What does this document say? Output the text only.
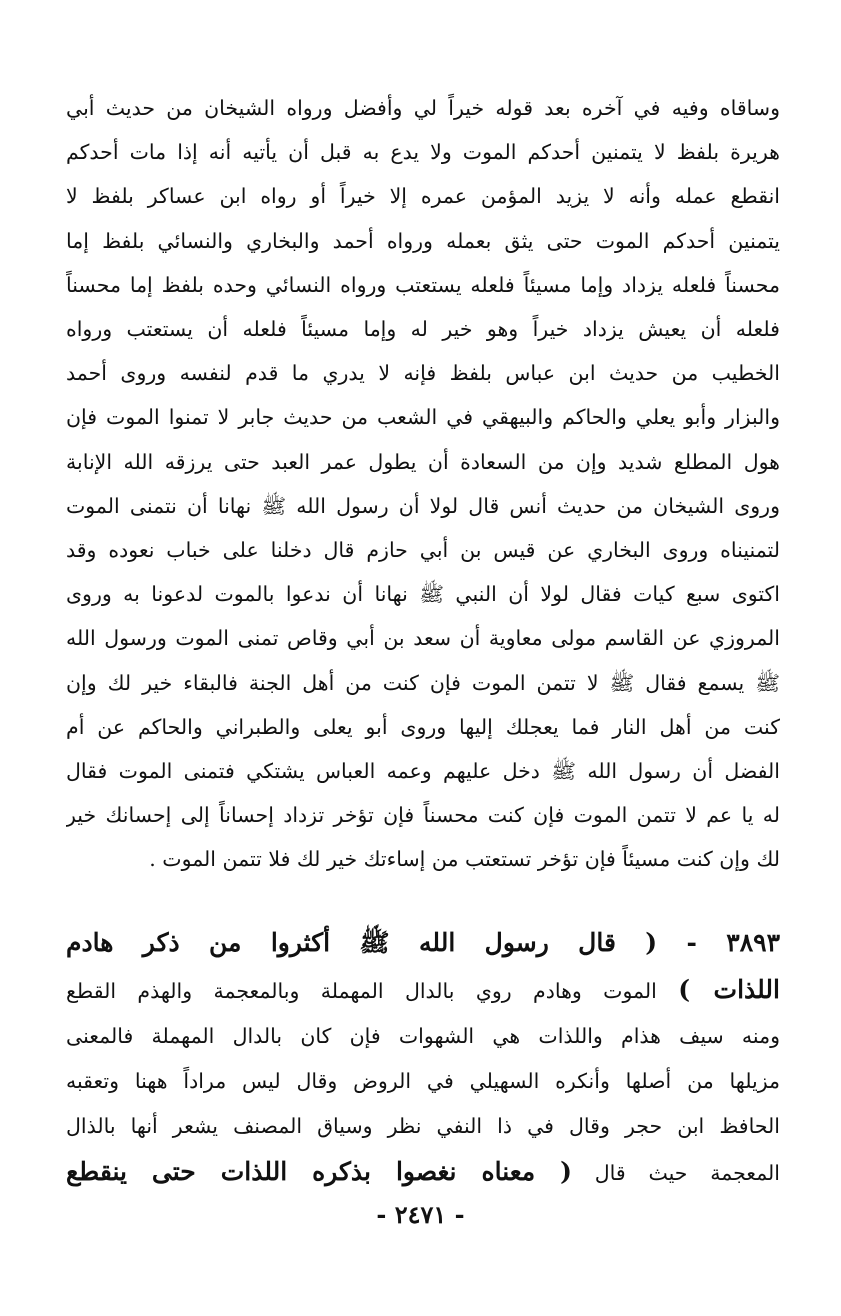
وساقاه وفيه في آخره بعد قوله خيراً لي وأفضل ورواه الشيخان من حديث أبي
هريرة بلفظ لا يتمنين أحدكم الموت ولا يدع به قبل أن يأتيه أنه إذا مات أحدكم
انقطع عمله وأنه لا يزيد المؤمن عمره إلا خيراً أو رواه ابن عساكر بلفظ لا
يتمنين أحدكم الموت حتى يثق بعمله ورواه أحمد والبخاري والنسائي بلفظ إما
محسناً فلعله يزداد وإما مسيئاً فلعله يستعتب ورواه النسائي وحده بلفظ إما محسناً
فلعله أن يعيش يزداد خيراً وهو خير له وإما مسيئاً فلعله أن يستعتب ورواه
الخطيب من حديث ابن عباس بلفظ فإنه لا يدري ما قدم لنفسه وروى أحمد
والبزار وأبو يعلي والحاكم والبيهقي في الشعب من حديث جابر لا تمنوا الموت فإن
هول المطلع شديد وإن من السعادة أن يطول عمر العبد حتى يرزقه الله الإنابة
وروى الشيخان من حديث أنس قال لولا أن رسول الله ﷺ نهانا أن نتمنى الموت
لتمنيناه وروى البخاري عن قيس بن أبي حازم قال دخلنا على خباب نعوده وقد
اكتوى سبع كيات فقال لولا أن النبي ﷺ نهانا أن ندعوا بالموت لدعونا به وروى
المروزي عن القاسم مولى معاوية أن سعد بن أبي وقاص تمنى الموت ورسول الله
ﷺ يسمع فقال ﷺ لا تتمن الموت فإن كنت من أهل الجنة فالبقاء خير لك وإن
كنت من أهل النار فما يعجلك إليها وروى أبو يعلى والطبراني والحاكم عن أم
الفضل أن رسول الله ﷺ دخل عليهم وعمه العباس يشتكي فتمنى الموت فقال
له يا عم لا تتمن الموت فإن كنت محسناً فإن تؤخر تزداد إحساناً إلى إحسانك خير
لك وإن كنت مسيئاً فإن تؤخر تستعتب من إساءتك خير لك فلا تتمن الموت .
٣٨٩٣ - ( قال رسول الله ﷺ أكثروا من ذكر هادم
اللذات ) الموت وهادم روي بالدال المهملة وبالمعجمة والهذم القطع
ومنه سيف هذام واللذات هي الشهوات فإن كان بالدال المهملة فالمعنى
مزيلها من أصلها وأنكره السهيلي في الروض وقال ليس مراداً ههنا وتعقبه
الحافظ ابن حجر وقال في ذا النفي نظر وسياق المصنف يشعر أنها بالذال
المعجمة حيث قال ( معناه نغصوا بذكره اللذات حتى ينقطع
- ٢٤٧١ -
